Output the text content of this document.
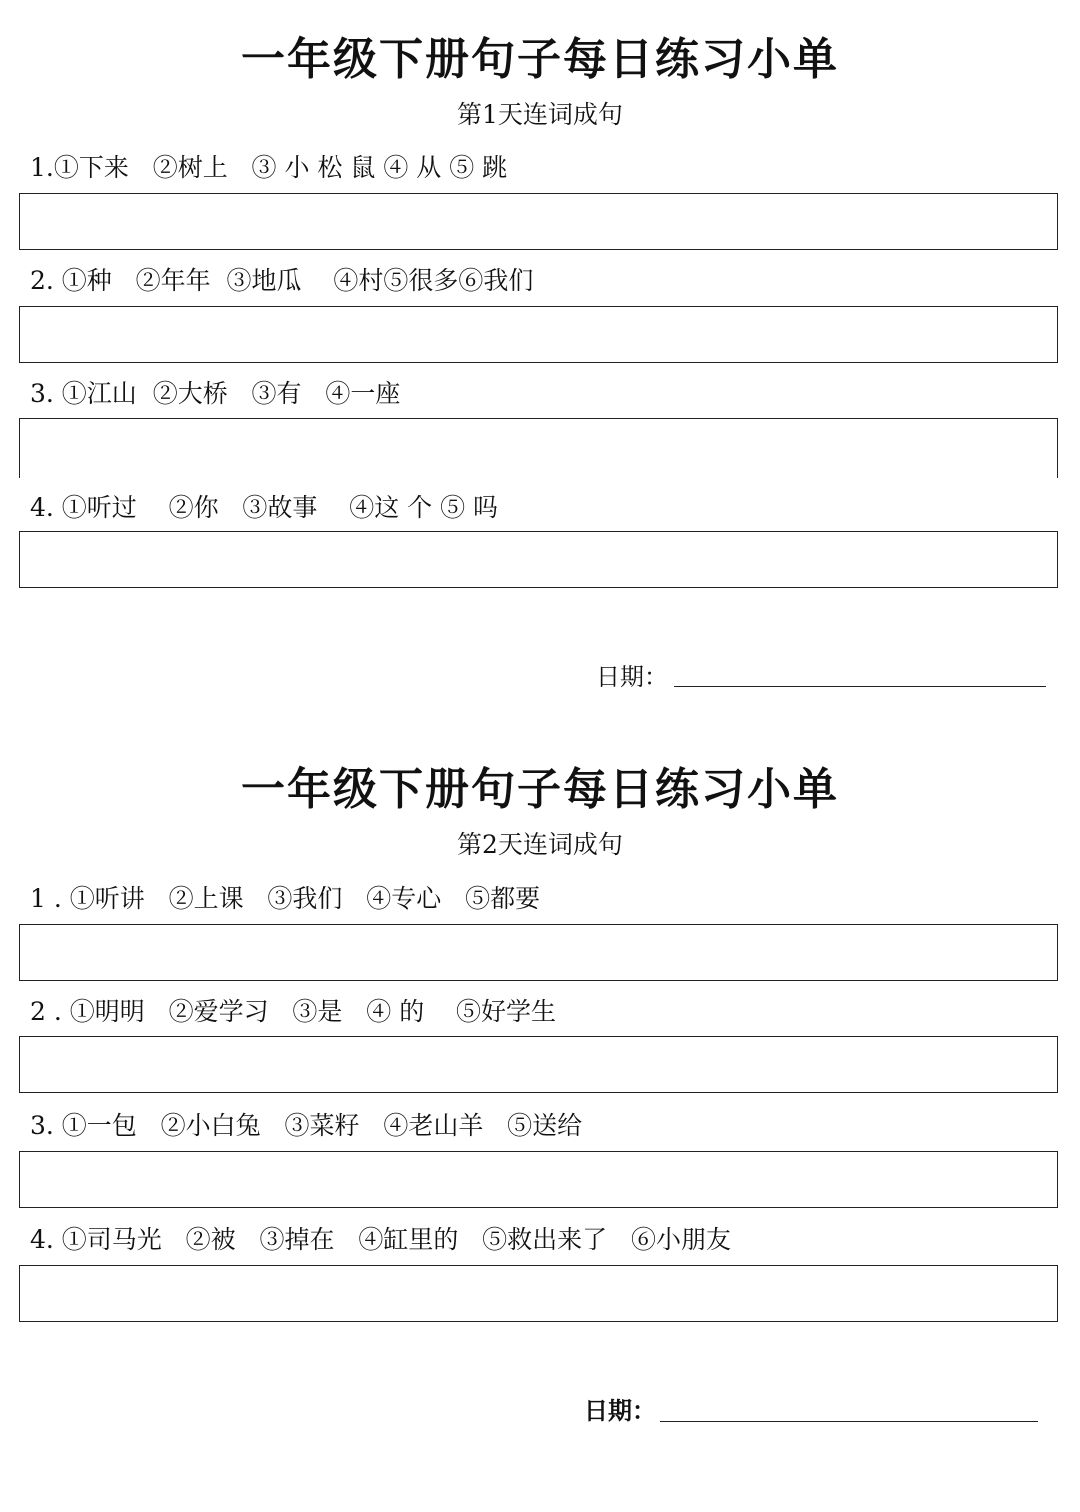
一年级下册句子每日练习小单
第1天连词成句
1.①下来   ②树上   ③ 小 松 鼠 ④ 从 ⑤ 跳
2. ①种   ②年年  ③地瓜    ④村⑤很多⑥我们
3. ①江山  ②大桥   ③有   ④一座
4. ①听过    ②你   ③故事    ④这 个 ⑤ 吗
日期：
一年级下册句子每日练习小单
第2天连词成句
1 . ①听讲   ②上课   ③我们   ④专心   ⑤都要
2 . ①明明   ②爱学习   ③是   ④ 的    ⑤好学生
3. ①一包   ②小白兔   ③菜籽   ④老山羊   ⑤送给
4. ①司马光   ②被   ③掉在   ④缸里的   ⑤救出来了   ⑥小朋友
日期：
